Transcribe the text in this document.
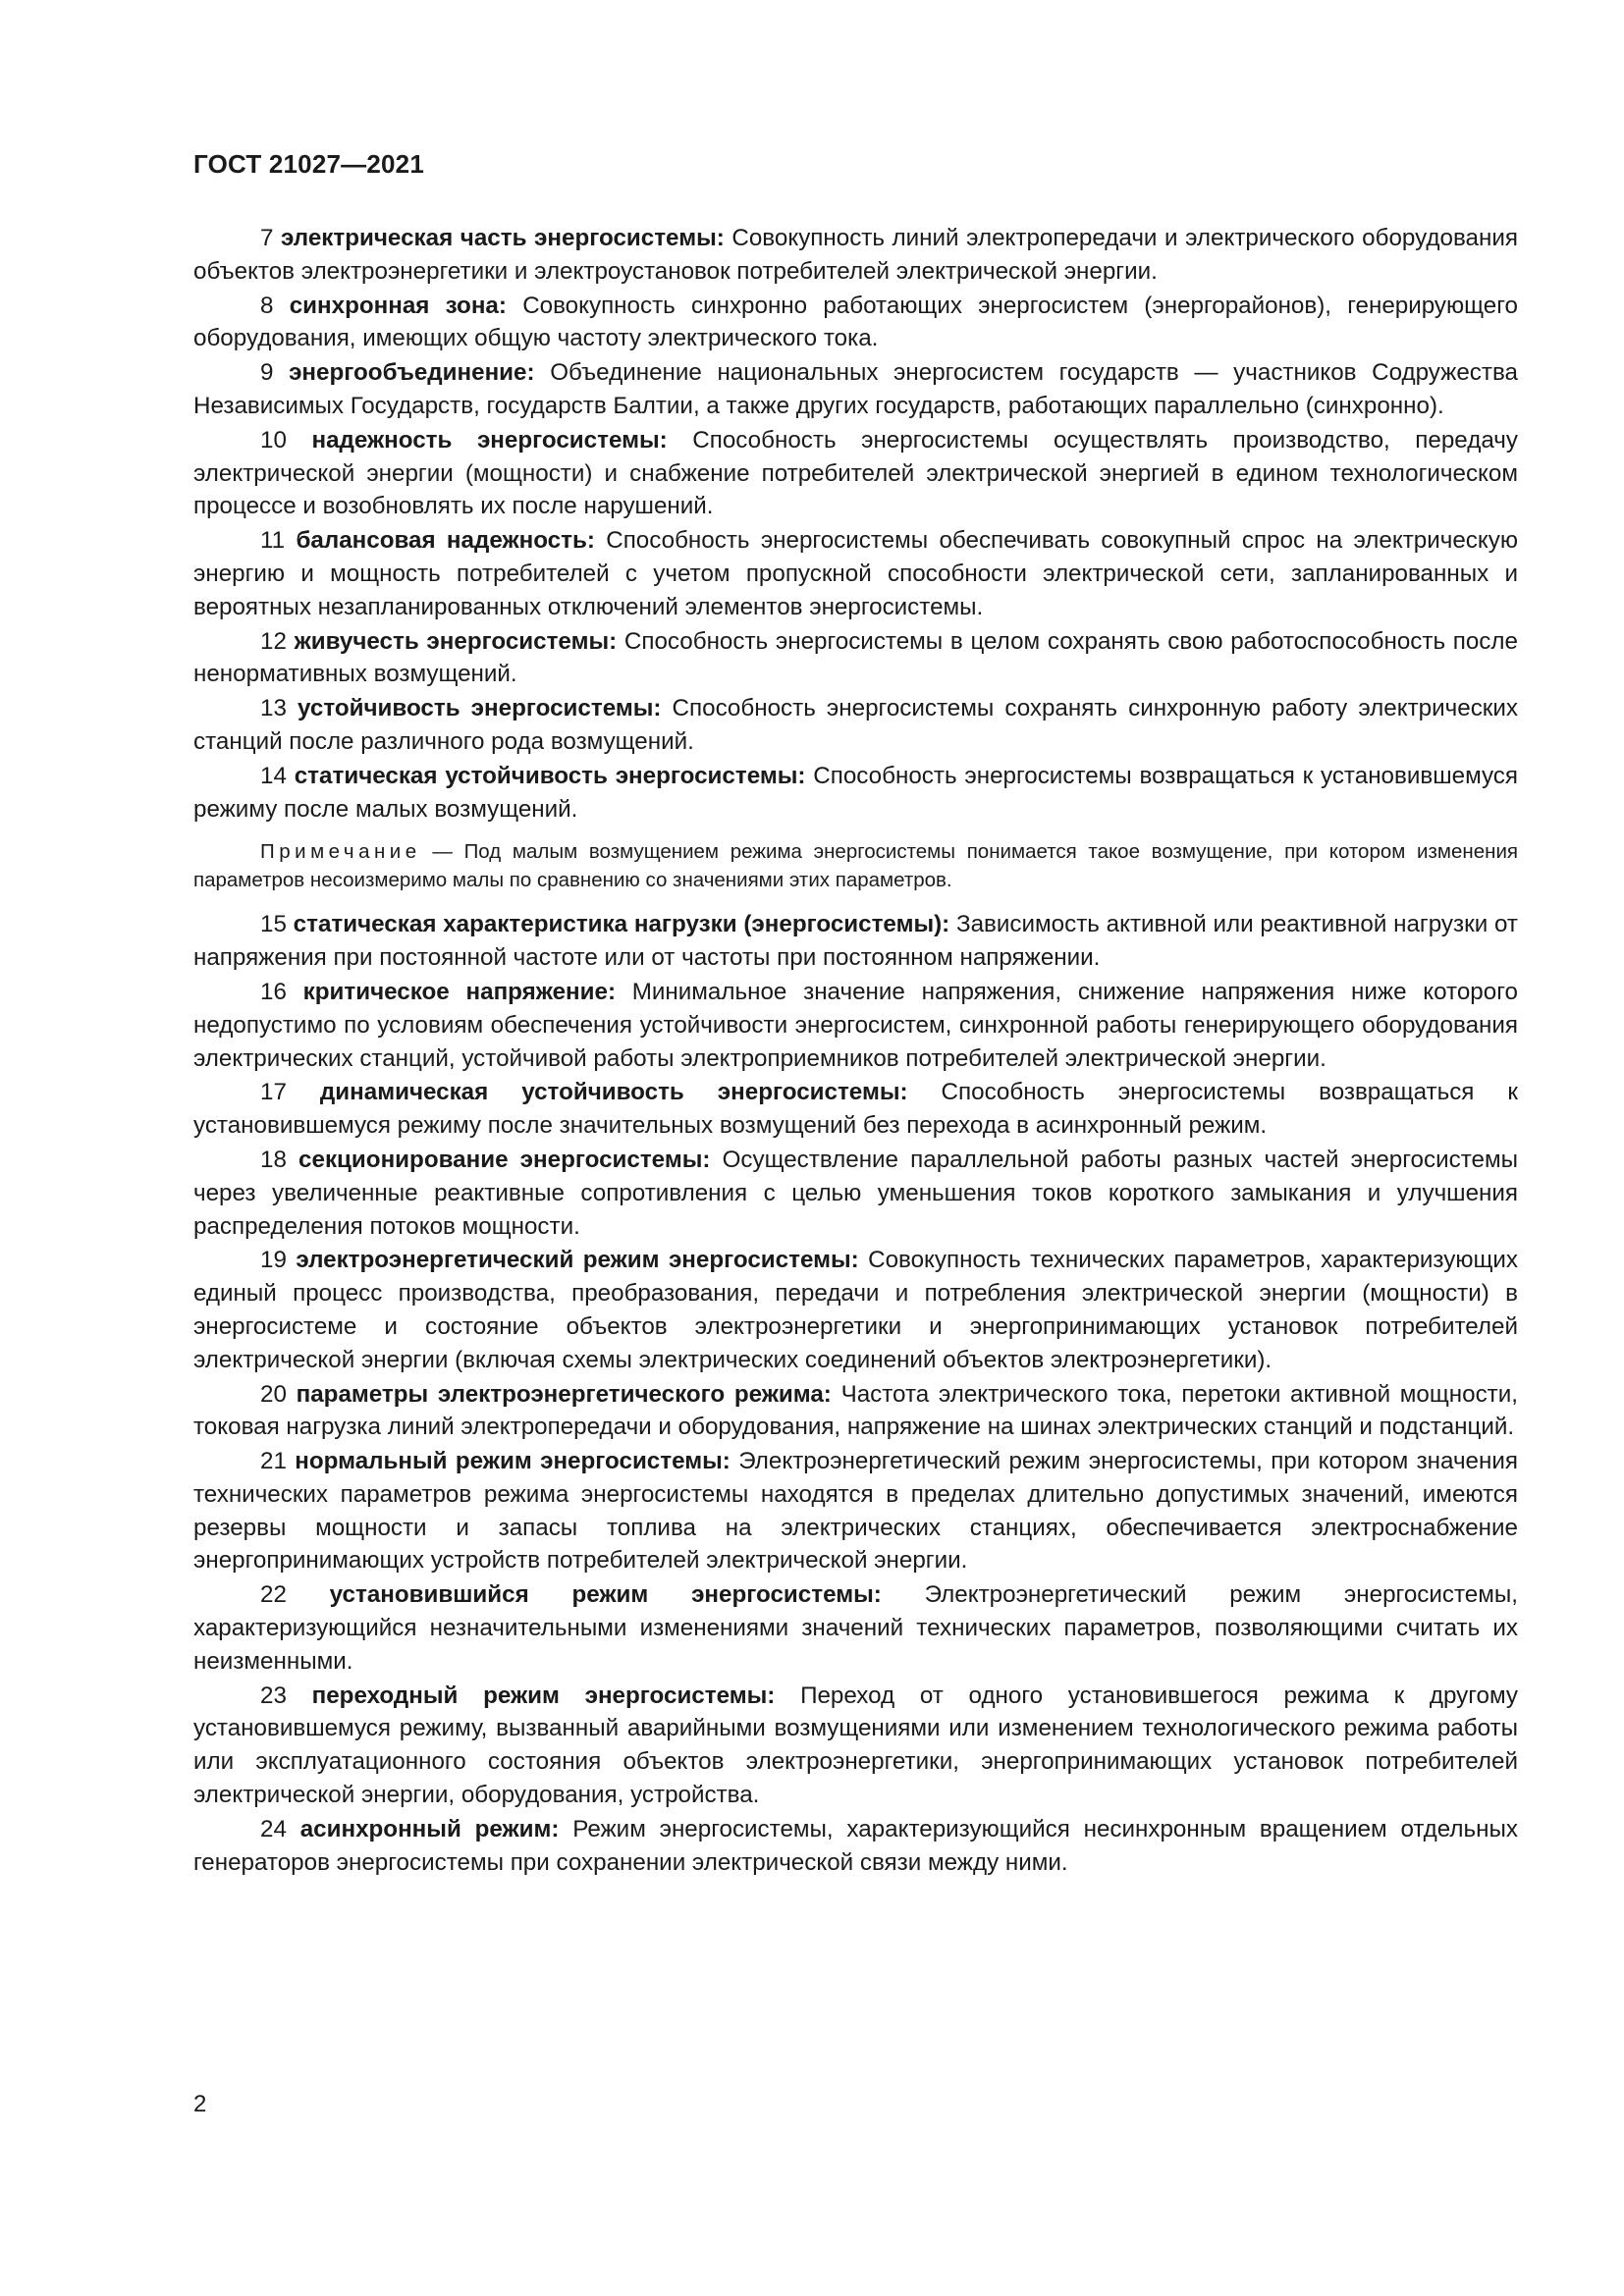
ГОСТ 21027—2021

7 электрическая часть энергосистемы: Совокупность линий электропередачи и электрического оборудования объектов электроэнергетики и электроустановок потребителей электрической энергии.

8 синхронная зона: Совокупность синхронно работающих энергосистем (энергорайонов), генерирующего оборудования, имеющих общую частоту электрического тока.

9 энергообъединение: Объединение национальных энергосистем государств — участников Содружества Независимых Государств, государств Балтии, а также других государств, работающих параллельно (синхронно).

10 надежность энергосистемы: Способность энергосистемы осуществлять производство, передачу электрической энергии (мощности) и снабжение потребителей электрической энергией в едином технологическом процессе и возобновлять их после нарушений.

11 балансовая надежность: Способность энергосистемы обеспечивать совокупный спрос на электрическую энергию и мощность потребителей с учетом пропускной способности электрической сети, запланированных и вероятных незапланированных отключений элементов энергосистемы.

12 живучесть энергосистемы: Способность энергосистемы в целом сохранять свою работоспособность после ненормативных возмущений.

13 устойчивость энергосистемы: Способность энергосистемы сохранять синхронную работу электрических станций после различного рода возмущений.

14 статическая устойчивость энергосистемы: Способность энергосистемы возвращаться к установившемуся режиму после малых возмущений.

Примечание — Под малым возмущением режима энергосистемы понимается такое возмущение, при котором изменения параметров несоизмеримо малы по сравнению со значениями этих параметров.

15 статическая характеристика нагрузки (энергосистемы): Зависимость активной или реактивной нагрузки от напряжения при постоянной частоте или от частоты при постоянном напряжении.

16 критическое напряжение: Минимальное значение напряжения, снижение напряжения ниже которого недопустимо по условиям обеспечения устойчивости энергосистем, синхронной работы генерирующего оборудования электрических станций, устойчивой работы электроприемников потребителей электрической энергии.

17 динамическая устойчивость энергосистемы: Способность энергосистемы возвращаться к установившемуся режиму после значительных возмущений без перехода в асинхронный режим.

18 секционирование энергосистемы: Осуществление параллельной работы разных частей энергосистемы через увеличенные реактивные сопротивления с целью уменьшения токов короткого замыкания и улучшения распределения потоков мощности.

19 электроэнергетический режим энергосистемы: Совокупность технических параметров, характеризующих единый процесс производства, преобразования, передачи и потребления электрической энергии (мощности) в энергосистеме и состояние объектов электроэнергетики и энергопринимающих установок потребителей электрической энергии (включая схемы электрических соединений объектов электроэнергетики).

20 параметры электроэнергетического режима: Частота электрического тока, перетоки активной мощности, токовая нагрузка линий электропередачи и оборудования, напряжение на шинах электрических станций и подстанций.

21 нормальный режим энергосистемы: Электроэнергетический режим энергосистемы, при котором значения технических параметров режима энергосистемы находятся в пределах длительно допустимых значений, имеются резервы мощности и запасы топлива на электрических станциях, обеспечивается электроснабжение энергопринимающих устройств потребителей электрической энергии.

22 установившийся режим энергосистемы: Электроэнергетический режим энергосистемы, характеризующийся незначительными изменениями значений технических параметров, позволяющими считать их неизменными.

23 переходный режим энергосистемы: Переход от одного установившегося режима к другому установившемуся режиму, вызванный аварийными возмущениями или изменением технологического режима работы или эксплуатационного состояния объектов электроэнергетики, энергопринимающих установок потребителей электрической энергии, оборудования, устройства.

24 асинхронный режим: Режим энергосистемы, характеризующийся несинхронным вращением отдельных генераторов энергосистемы при сохранении электрической связи между ними.

2
